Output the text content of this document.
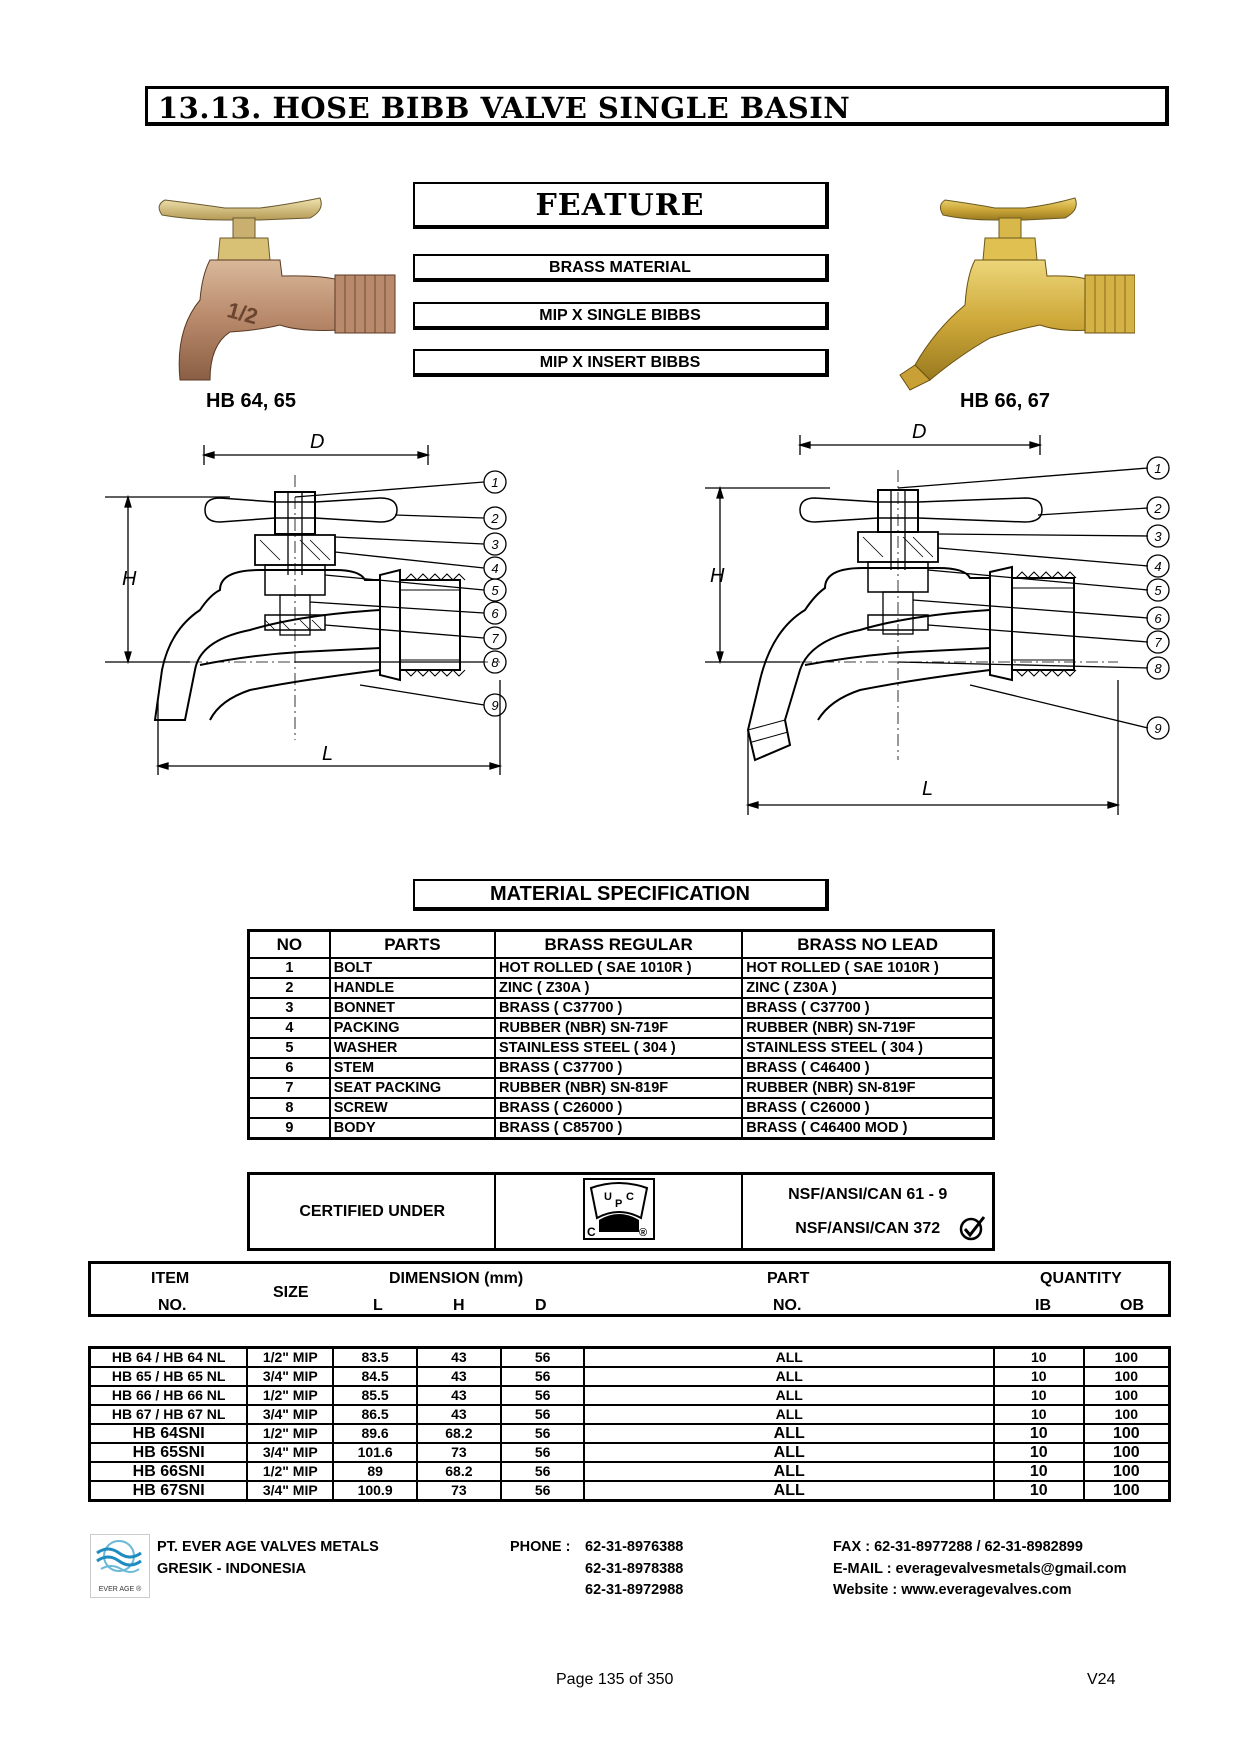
13.13. HOSE BIBB VALVE SINGLE BASIN
1/2
HB 64, 65	HB 66, 67
FEATURE
BRASS MATERIAL
MIP X SINGLE BIBBS
MIP X INSERT BIBBS
D
H
L
1
2
3
4
5
6
7
8
9
D
H
L
1
2
3
4
5
6
7
8
9
MATERIAL SPECIFICATION
NO	PARTS	BRASS REGULAR	BRASS NO LEAD
1	BOLT	HOT ROLLED ( SAE 1010R )	HOT ROLLED ( SAE 1010R )
2	HANDLE	ZINC ( Z30A )	ZINC ( Z30A )
3	BONNET	BRASS ( C37700 )	BRASS ( C37700 )
4	PACKING	RUBBER (NBR) SN-719F	RUBBER (NBR) SN-719F
5	WASHER	STAINLESS STEEL ( 304 )	STAINLESS STEEL ( 304 )
6	STEM	BRASS ( C37700 )	BRASS ( C46400 )
7	SEAT PACKING	RUBBER (NBR) SN-819F	RUBBER (NBR) SN-819F
8	SCREW	BRASS ( C26000 )	BRASS ( C26000 )
9	BODY	BRASS ( C85700 )	BRASS ( C46400 MOD )
CERTIFIED UNDER	
U
P
C
C	®

NSF/ANSI/CAN 61 - 9
NSF/ANSI/CAN 372
ITEM
NO.
SIZE
DIMENSION (mm)
L	H	D
PART
NO.
QUANTITY
IB	OB
HB 64 / HB 64 NL	1/2" MIP	83.5	43	56	ALL	10	100
HB 65 / HB 65 NL	3/4" MIP	84.5	43	56	ALL	10	100
HB 66 / HB 66 NL	1/2" MIP	85.5	43	56	ALL	10	100
HB 67 / HB 67 NL	3/4" MIP	86.5	43	56	ALL	10	100
HB 64SNI	1/2" MIP	89.6	68.2	56	ALL	10	100
HB 65SNI	3/4" MIP	101.6	73	56	ALL	10	100
HB 66SNI	1/2" MIP	89	68.2	56	ALL	10	100
HB 67SNI	3/4" MIP	100.9	73	56	ALL	10	100
EVER AGE ®
PT. EVER AGE VALVES METALS
GRESIK - INDONESIA
PHONE : 62-31-8976388
62-31-8978388
62-31-8972988
FAX : 62-31-8977288 / 62-31-8982899
E-MAIL : everagevalvesmetals@gmail.com
Website : www.everagevalves.com
Page 135 of 350	V24
